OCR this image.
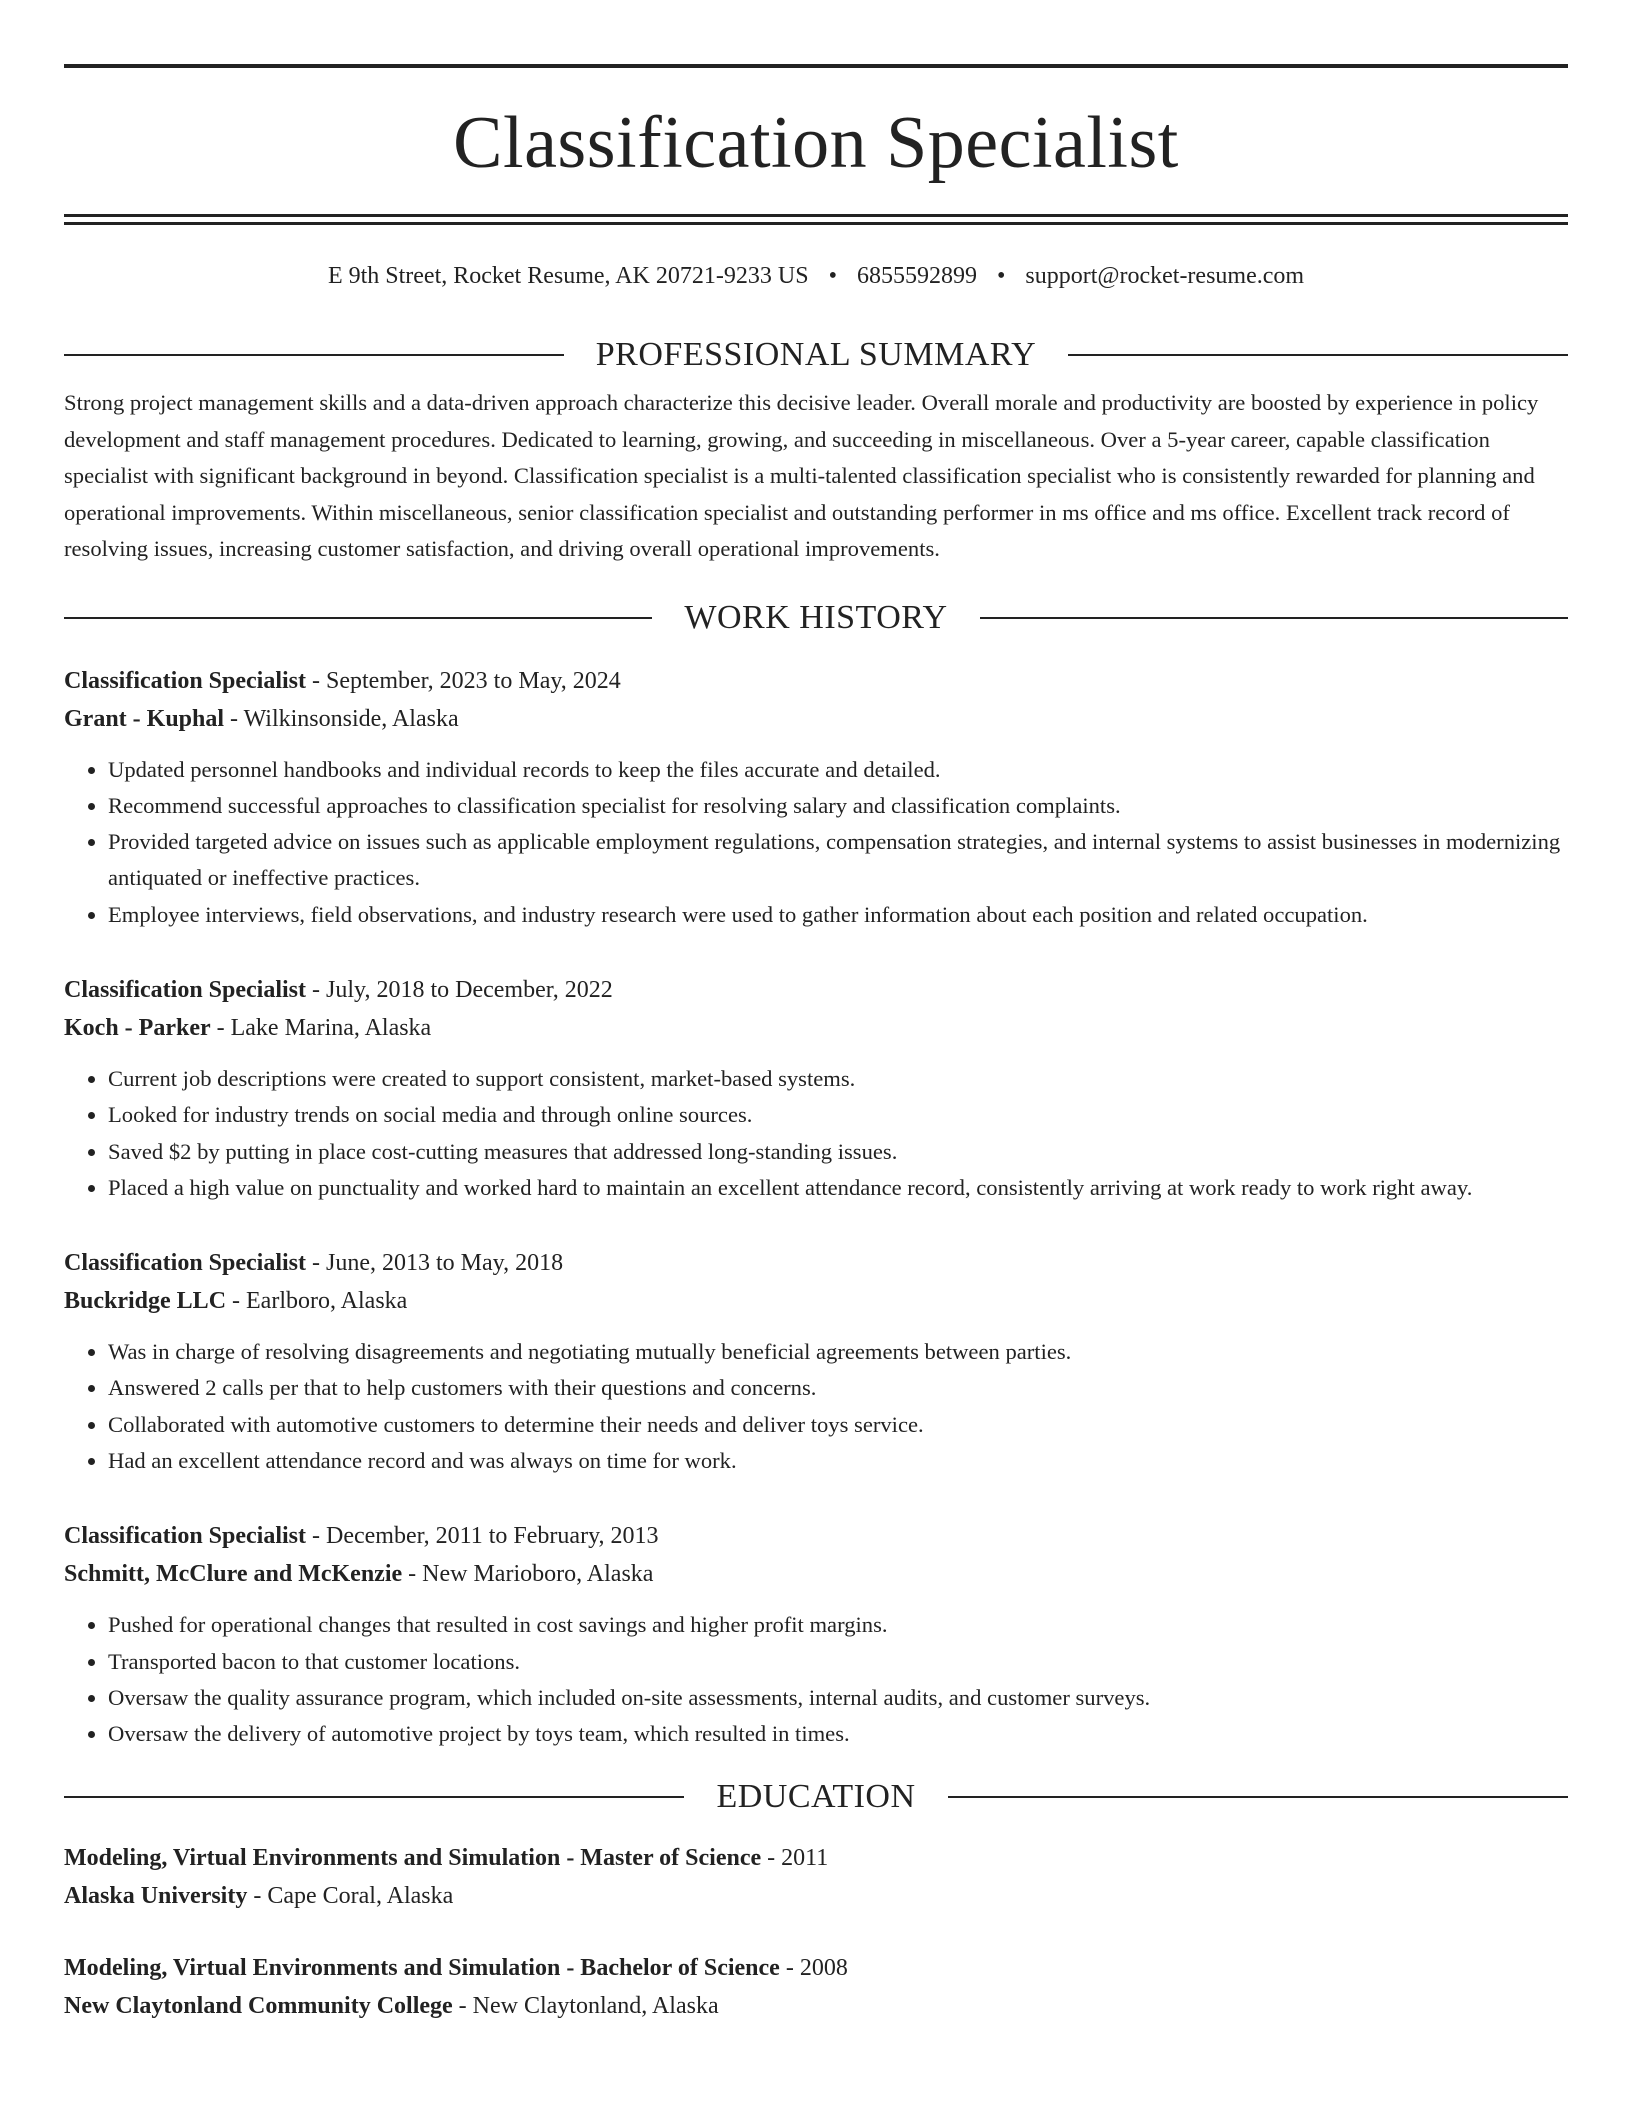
Classification Specialist
E 9th Street, Rocket Resume, AK 20721-9233 US • 6855592899 • support@rocket-resume.com
PROFESSIONAL SUMMARY
Strong project management skills and a data-driven approach characterize this decisive leader. Overall morale and productivity are boosted by experience in policy development and staff management procedures. Dedicated to learning, growing, and succeeding in miscellaneous. Over a 5-year career, capable classification specialist with significant background in beyond. Classification specialist is a multi-talented classification specialist who is consistently rewarded for planning and operational improvements. Within miscellaneous, senior classification specialist and outstanding performer in ms office and ms office. Excellent track record of resolving issues, increasing customer satisfaction, and driving overall operational improvements.
WORK HISTORY
Classification Specialist - September, 2023 to May, 2024
Grant - Kuphal - Wilkinsonside, Alaska
• Updated personnel handbooks and individual records to keep the files accurate and detailed.
• Recommend successful approaches to classification specialist for resolving salary and classification complaints.
• Provided targeted advice on issues such as applicable employment regulations, compensation strategies, and internal systems to assist businesses in modernizing antiquated or ineffective practices.
• Employee interviews, field observations, and industry research were used to gather information about each position and related occupation.
Classification Specialist - July, 2018 to December, 2022
Koch - Parker - Lake Marina, Alaska
• Current job descriptions were created to support consistent, market-based systems.
• Looked for industry trends on social media and through online sources.
• Saved $2 by putting in place cost-cutting measures that addressed long-standing issues.
• Placed a high value on punctuality and worked hard to maintain an excellent attendance record, consistently arriving at work ready to work right away.
Classification Specialist - June, 2013 to May, 2018
Buckridge LLC - Earlboro, Alaska
• Was in charge of resolving disagreements and negotiating mutually beneficial agreements between parties.
• Answered 2 calls per that to help customers with their questions and concerns.
• Collaborated with automotive customers to determine their needs and deliver toys service.
• Had an excellent attendance record and was always on time for work.
Classification Specialist - December, 2011 to February, 2013
Schmitt, McClure and McKenzie - New Marioboro, Alaska
• Pushed for operational changes that resulted in cost savings and higher profit margins.
• Transported bacon to that customer locations.
• Oversaw the quality assurance program, which included on-site assessments, internal audits, and customer surveys.
• Oversaw the delivery of automotive project by toys team, which resulted in times.
EDUCATION
Modeling, Virtual Environments and Simulation - Master of Science - 2011
Alaska University - Cape Coral, Alaska
Modeling, Virtual Environments and Simulation - Bachelor of Science - 2008
New Claytonland Community College - New Claytonland, Alaska
